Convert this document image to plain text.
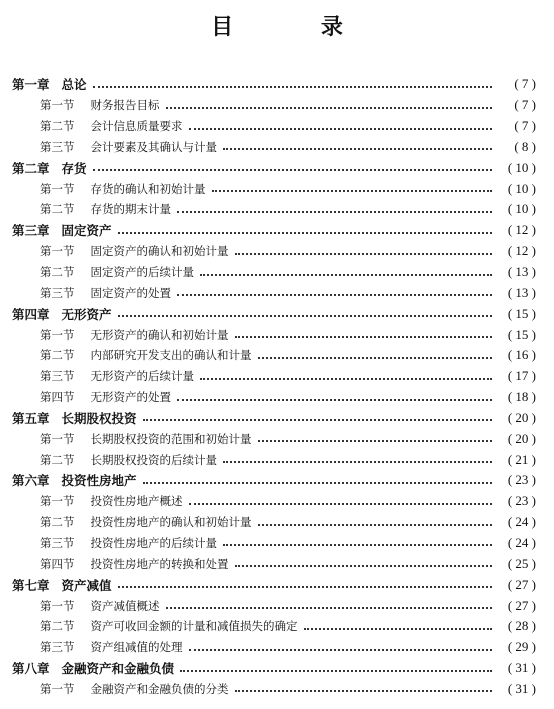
目 录
第一章 总论	( 7 )
第一节 财务报告目标	( 7 )
第二节 会计信息质量要求	( 7 )
第三节 会计要素及其确认与计量	( 8 )
第二章 存货	( 10 )
第一节 存货的确认和初始计量	( 10 )
第二节 存货的期末计量	( 10 )
第三章 固定资产	( 12 )
第一节 固定资产的确认和初始计量	( 12 )
第二节 固定资产的后续计量	( 13 )
第三节 固定资产的处置	( 13 )
第四章 无形资产	( 15 )
第一节 无形资产的确认和初始计量	( 15 )
第二节 内部研究开发支出的确认和计量	( 16 )
第三节 无形资产的后续计量	( 17 )
第四节 无形资产的处置	( 18 )
第五章 长期股权投资	( 20 )
第一节 长期股权投资的范围和初始计量	( 20 )
第二节 长期股权投资的后续计量	( 21 )
第六章 投资性房地产	( 23 )
第一节 投资性房地产概述	( 23 )
第二节 投资性房地产的确认和初始计量	( 24 )
第三节 投资性房地产的后续计量	( 24 )
第四节 投资性房地产的转换和处置	( 25 )
第七章 资产减值	( 27 )
第一节 资产减值概述	( 27 )
第二节 资产可收回金额的计量和减值损失的确定	( 28 )
第三节 资产组减值的处理	( 29 )
第八章 金融资产和金融负债	( 31 )
第一节 金融资产和金融负债的分类	( 31 )
